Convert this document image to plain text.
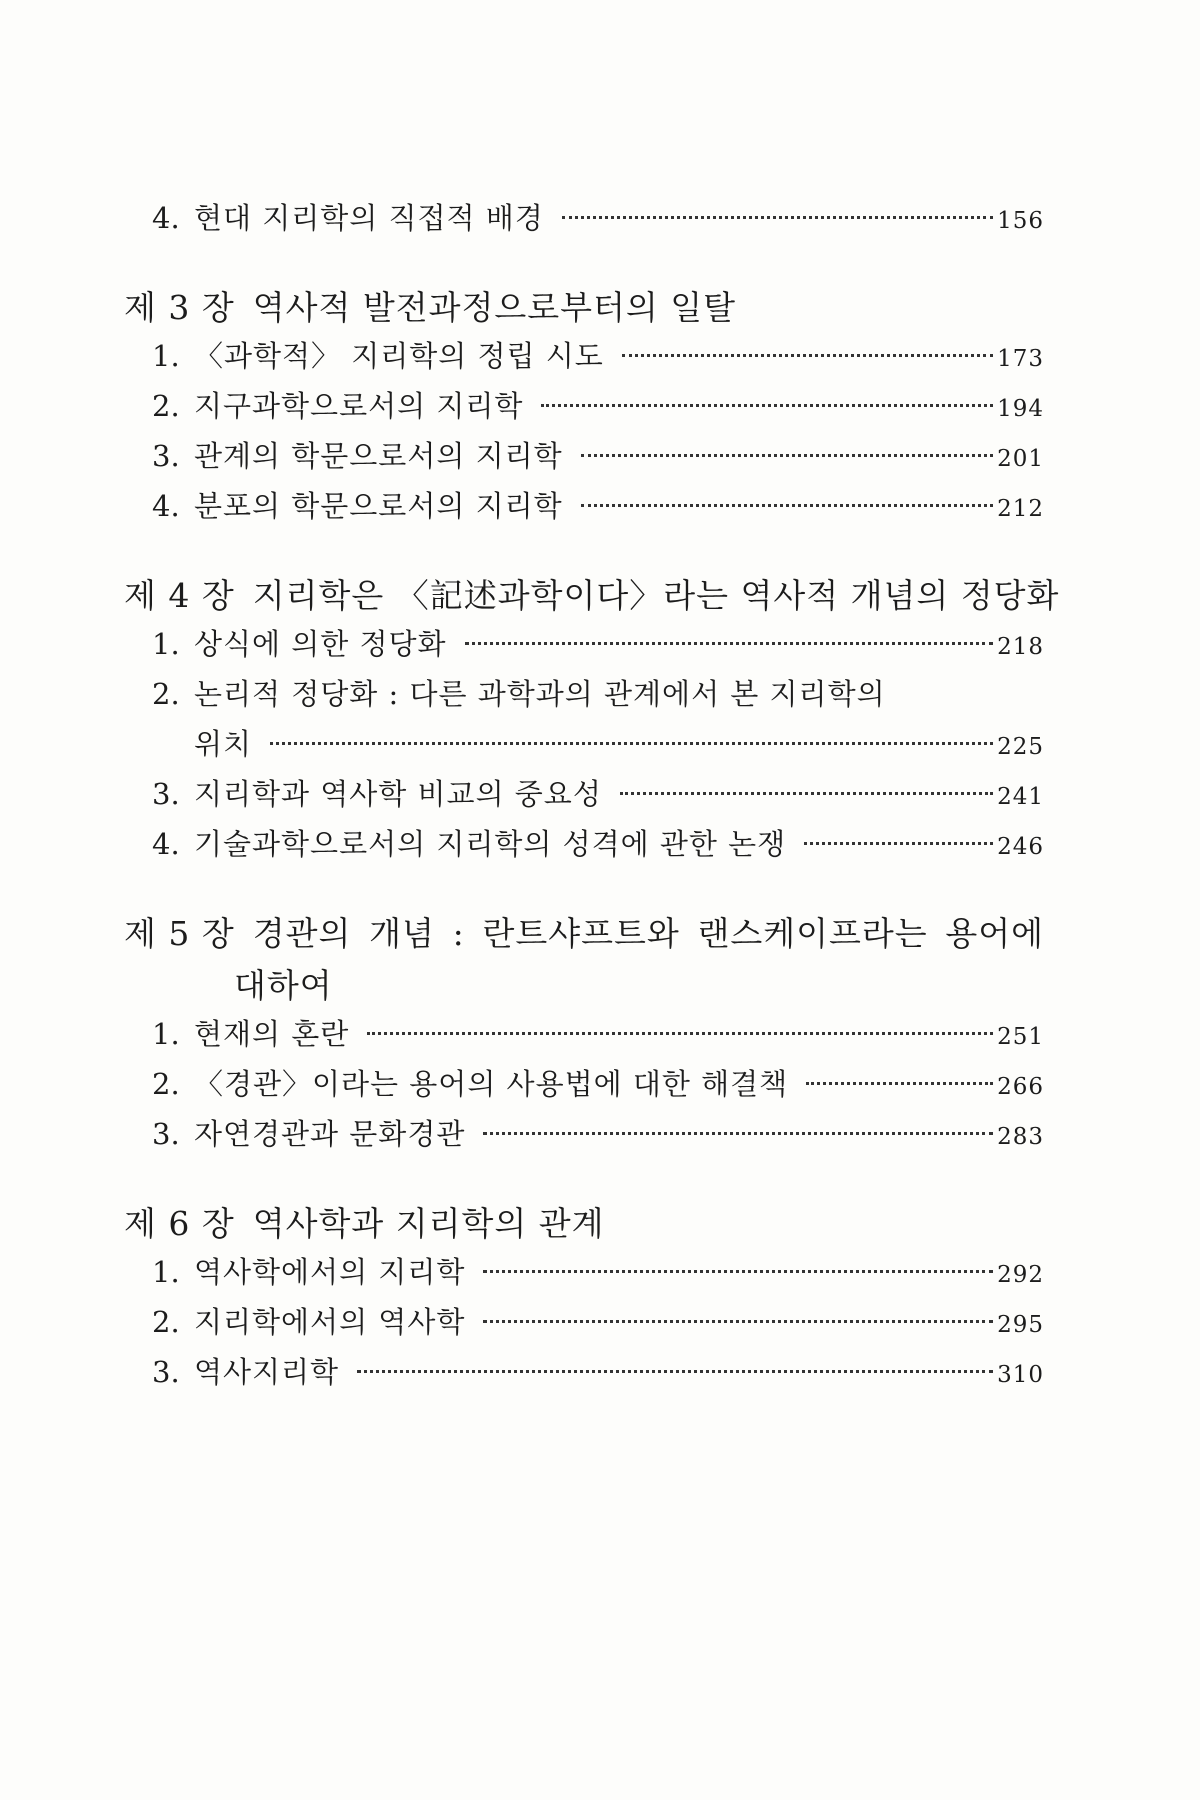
4. 현대 지리학의 직접적 배경	156
제 3 장 역사적 발전과정으로부터의 일탈
1. 〈과학적〉 지리학의 정립 시도	173
2. 지구과학으로서의 지리학	194
3. 관계의 학문으로서의 지리학	201
4. 분포의 학문으로서의 지리학	212
제 4 장 지리학은 〈記述과학이다〉라는 역사적 개념의 정당화
1. 상식에 의한 정당화	218
2. 논리적 정당화 : 다른 과학과의 관계에서 본 지리학의
위치	225
3. 지리학과 역사학 비교의 중요성	241
4. 기술과학으로서의 지리학의 성격에 관한 논쟁	246
제 5 장 경관의 개념 : 란트샤프트와 랜스케이프라는 용어에
대하여
1. 현재의 혼란	251
2. 〈경관〉이라는 용어의 사용법에 대한 해결책	266
3. 자연경관과 문화경관	283
제 6 장 역사학과 지리학의 관계
1. 역사학에서의 지리학	292
2. 지리학에서의 역사학	295
3. 역사지리학	310
